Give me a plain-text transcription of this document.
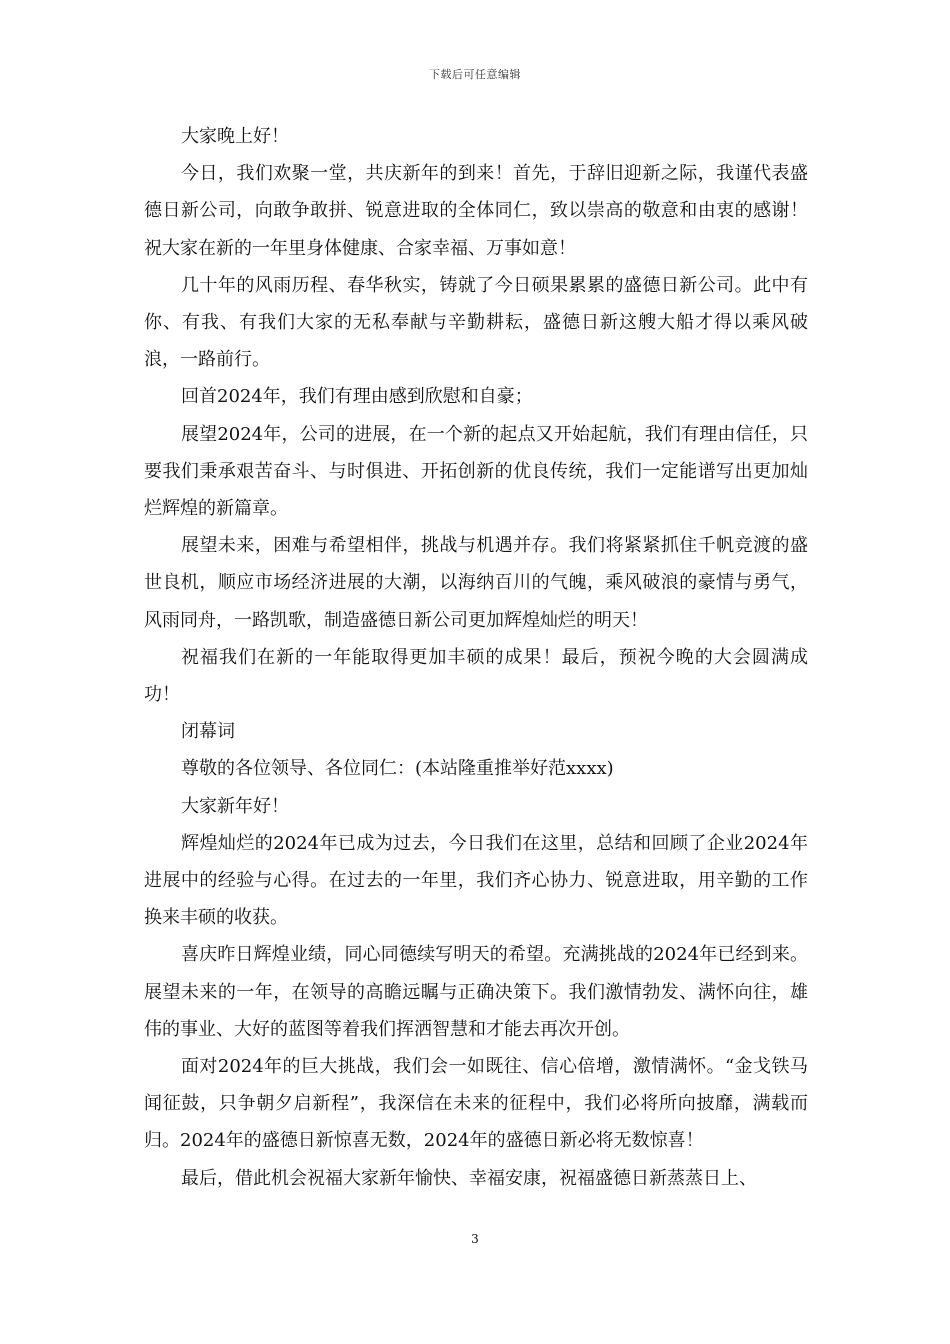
下载后可任意编辑

大家晚上好！

今日，我们欢聚一堂，共庆新年的到来！首先，于辞旧迎新之际，我谨代表盛德日新公司，向敢争敢拼、锐意进取的全体同仁，致以崇高的敬意和由衷的感谢！祝大家在新的一年里身体健康、合家幸福、万事如意！

几十年的风雨历程、春华秋实，铸就了今日硕果累累的盛德日新公司。此中有你、有我、有我们大家的无私奉献与辛勤耕耘，盛德日新这艘大船才得以乘风破浪，一路前行。

回首2024年，我们有理由感到欣慰和自豪；

展望2024年，公司的进展，在一个新的起点又开始起航，我们有理由信任，只要我们秉承艰苦奋斗、与时俱进、开拓创新的优良传统，我们一定能谱写出更加灿烂辉煌的新篇章。

展望未来，困难与希望相伴，挑战与机遇并存。我们将紧紧抓住千帆竞渡的盛世良机，顺应市场经济进展的大潮，以海纳百川的气魄，乘风破浪的豪情与勇气，风雨同舟，一路凯歌，制造盛德日新公司更加辉煌灿烂的明天！

祝福我们在新的一年能取得更加丰硕的成果！最后，预祝今晚的大会圆满成功！

闭幕词

尊敬的各位领导、各位同仁：(本站隆重推举好范xxxx)

大家新年好！

辉煌灿烂的2024年已成为过去，今日我们在这里，总结和回顾了企业2024年进展中的经验与心得。在过去的一年里，我们齐心协力、锐意进取，用辛勤的工作换来丰硕的收获。

喜庆昨日辉煌业绩，同心同德续写明天的希望。充满挑战的2024年已经到来。展望未来的一年，在领导的高瞻远瞩与正确决策下。我们激情勃发、满怀向往，雄伟的事业、大好的蓝图等着我们挥洒智慧和才能去再次开创。

面对2024年的巨大挑战，我们会一如既往、信心倍增，激情满怀。“金戈铁马闻征鼓，只争朝夕启新程”，我深信在未来的征程中，我们必将所向披靡，满载而归。2024年的盛德日新惊喜无数，2024年的盛德日新必将无数惊喜！

最后，借此机会祝福大家新年愉快、幸福安康，祝福盛德日新蒸蒸日上、

3
